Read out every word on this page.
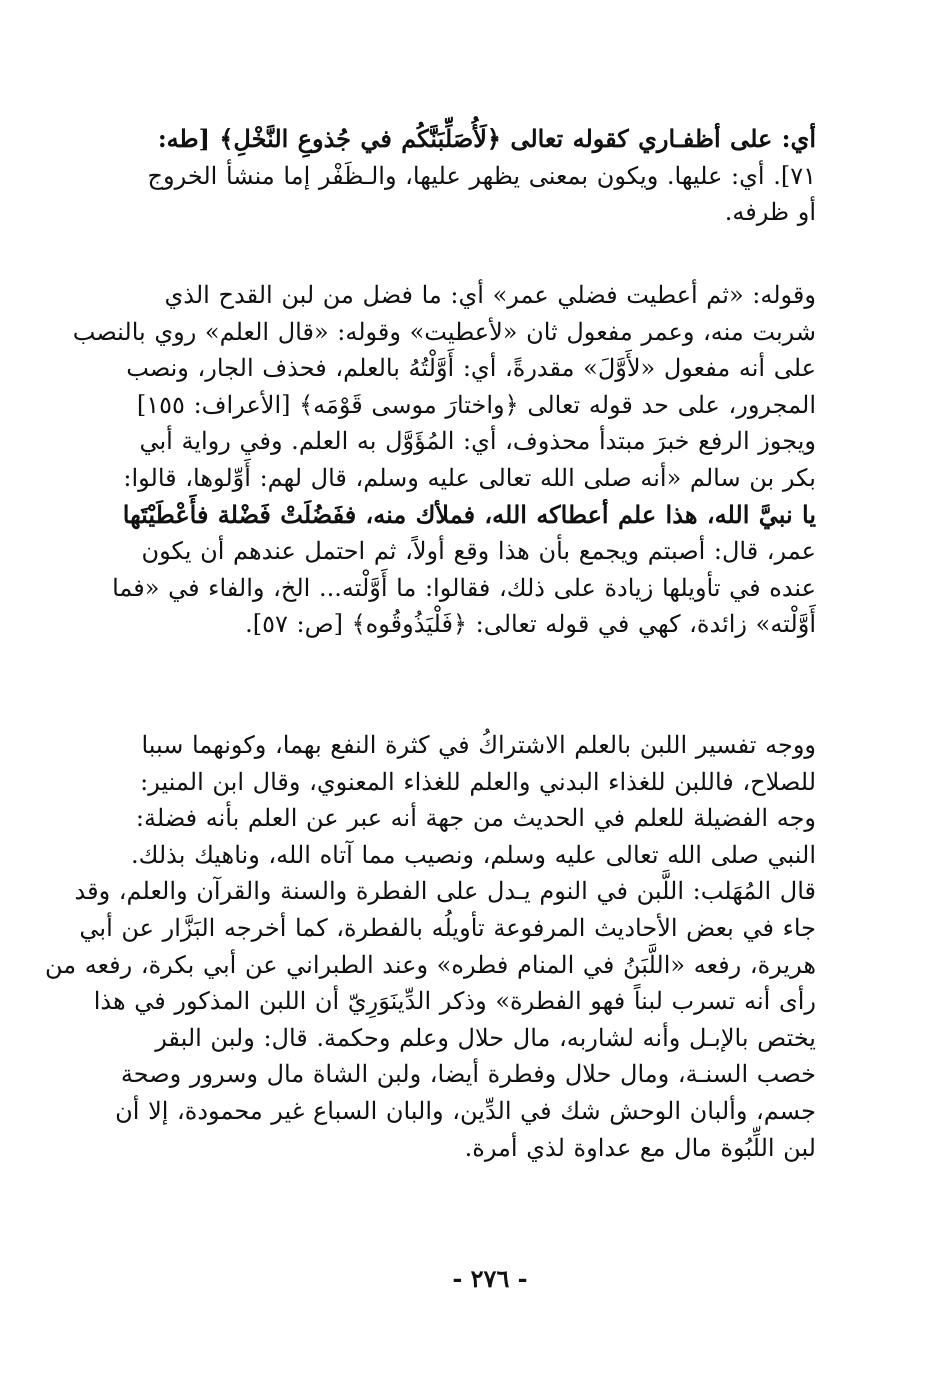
أي: على أظفـاري كقوله تعالى ﴿لَأُصَلِّبَنَّكُم في جُذوعِ النَّخْلِ﴾ [طه:
٧١]. أي: عليها. ويكون بمعنى يظهر عليها، والـظَفْر إما منشأ الخروج
أو ظرفه.
وقوله: «ثم أعطيت فضلي عمر» أي: ما فضل من لبن القدح الذي
شربت منه، وعمر مفعول ثان «لأعطيت» وقوله: «قال العلم» روي بالنصب
على أنه مفعول «لأَوَّلَ» مقدرةً، أي: أَوَّلْتُهُ بالعلم، فحذف الجار، ونصب
المجرور، على حد قوله تعالى ﴿واختارَ موسى قَوْمَه﴾ [الأعراف: ١٥٥]
ويجوز الرفع خبرَ مبتدأ محذوف، أي: المُؤَوَّل به العلم. وفي رواية أبي
بكر بن سالم «أنه صلى الله تعالى عليه وسلم، قال لهم: أَوِّلوها، قالوا:
يا نبيَّ الله، هذا علم أعطاكه الله، فملأك منه، ففَضُلَتْ فَضْلة فأَعْطَيْتَها
عمر، قال: أصبتم ويجمع بأن هذا وقع أولاً، ثم احتمل عندهم أن يكون
عنده في تأويلها زيادة على ذلك، فقالوا: ما أَوَّلْته... الخ، والفاء في «فما
أَوَّلْته» زائدة، كهي في قوله تعالى: ﴿فَلْيَذُوقُوه﴾ [ص: ٥٧].
ووجه تفسير اللبن بالعلم الاشتراكُ في كثرة النفع بهما، وكونهما سببا
للصلاح، فاللبن للغذاء البدني والعلم للغذاء المعنوي، وقال ابن المنير:
وجه الفضيلة للعلم في الحديث من جهة أنه عبر عن العلم بأنه فضلة:
النبي صلى الله تعالى عليه وسلم، ونصيب مما آتاه الله، وناهيك بذلك.
قال المُهَلب: اللَّبن في النوم يـدل على الفطرة والسنة والقرآن والعلم، وقد
جاء في بعض الأحاديث المرفوعة تأويلُه بالفطرة، كما أخرجه البَزَّار عن أبي
هريرة، رفعه «اللَّبَنُ في المنام فطره» وعند الطبراني عن أبي بكرة، رفعه من
رأى أنه تسرب لبناً فهو الفطرة» وذكر الدِّينَوَرِيّ أن اللبن المذكور في هذا
يختص بالإبـل وأنه لشاربه، مال حلال وعلم وحكمة. قال: ولبن البقر
خصب السنـة، ومال حلال وفطرة أيضا، ولبن الشاة مال وسرور وصحة
جسم، وألبان الوحش شك في الدِّين، والبان السباع غير محمودة، إلا أن
لبن اللِّبُوة مال مع عداوة لذي أمرة.
- ٢٧٦ -
